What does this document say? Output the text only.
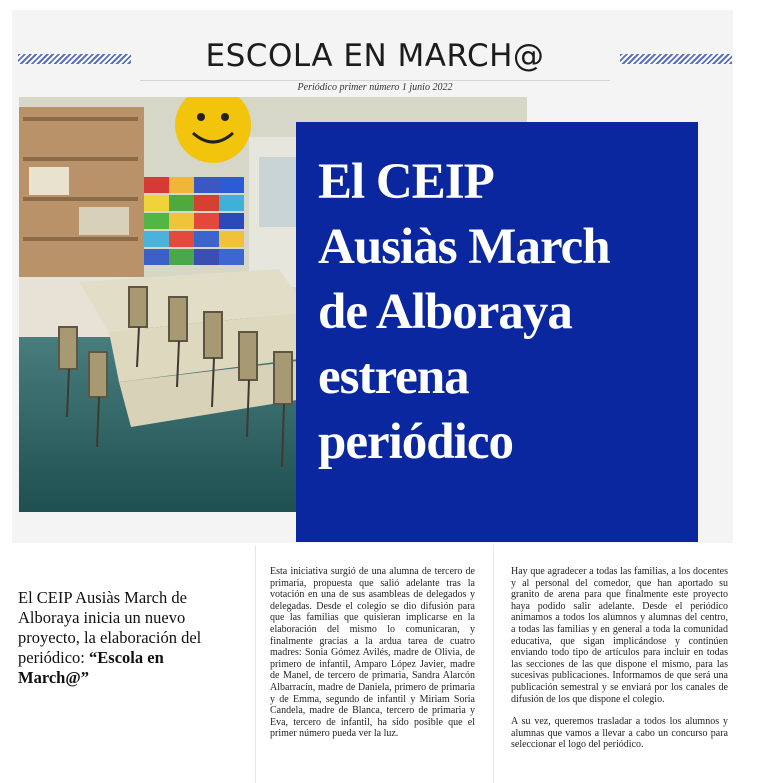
ESCOLA EN MARCH@
Periódico primer número 1 junio 2022
El CEIP
Ausiàs March
de Alboraya
estrena
periódico
El CEIP Ausiàs March de Alboraya inicia un nuevo proyecto, la elaboración del periódico: “Escola en March@”

Esta iniciativa surgió de una alumna de tercero de primaria, propuesta que salió adelante tras la votación en una de sus asambleas de delegados y delegadas. Desde el colegio se dio difusión para que las familias que quisieran implicarse en la elaboración del mismo lo comunicaran, y finalmente gracias a la ardua tarea de cuatro madres: Sonia Gómez Avilés, madre de Olivia, de primero de infantil, Amparo López Javier, madre de Manel, de tercero de primaria, Sandra Alarcón Albarracín, madre de Daniela, primero de primaria y de Emma, segundo de infantil y Miriam Soria Candela, madre de Blanca, tercero de primaria y Eva, tercero de infantil, ha sido posible que el primer número pueda ver la luz.

Hay que agradecer a todas las familias, a los docentes y al personal del comedor, que han aportado su granito de arena para que finalmente este proyecto haya podido salir adelante. Desde el periódico animamos a todos los alumnos y alumnas del centro, a todas las familias y en general a toda la comunidad educativa, que sigan implicándose y continúen enviando todo tipo de artículos para incluir en todas las secciones de las que dispone el mismo, para las sucesivas publicaciones. Informamos de que será una publicación semestral y se enviará por los canales de difusión de los que dispone el colegio.

A su vez, queremos trasladar a todos los alumnos y alumnas que vamos a llevar a cabo un concurso para seleccionar el logo del periódico.
